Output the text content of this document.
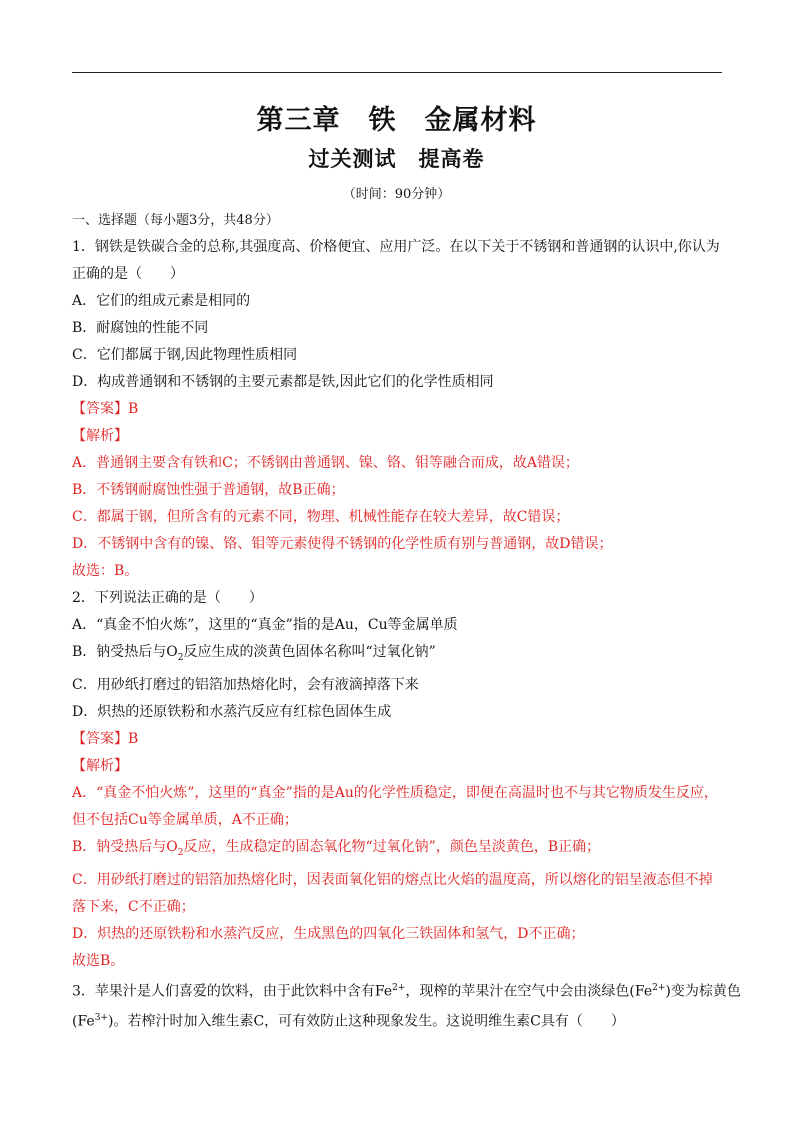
第三章　铁　金属材料
过关测试　提高卷
（时间：90分钟）
一、选择题（每小题3分，共48分）
1．钢铁是铁碳合金的总称,其强度高、价格便宜、应用广泛。在以下关于不锈钢和普通钢的认识中,你认为
正确的是（　　）
A．它们的组成元素是相同的
B．耐腐蚀的性能不同
C．它们都属于钢,因此物理性质相同
D．构成普通钢和不锈钢的主要元素都是铁,因此它们的化学性质相同
【答案】B
【解析】
A．普通钢主要含有铁和C；不锈钢由普通钢、镍、铬、钼等融合而成，故A错误；
B．不锈钢耐腐蚀性强于普通钢，故B正确；
C．都属于钢，但所含有的元素不同，物理、机械性能存在较大差异，故C错误；
D．不锈钢中含有的镍、铬、钼等元素使得不锈钢的化学性质有别与普通钢，故D错误；
故选：B。
2．下列说法正确的是（　　）
A．“真金不怕火炼”，这里的“真金”指的是Au，Cu等金属单质
B．钠受热后与$O_2$反应生成的淡黄色固体名称叫“过氧化钠”
C．用砂纸打磨过的铝箔加热熔化时，会有液滴掉落下来
D．炽热的还原铁粉和水蒸汽反应有红棕色固体生成
【答案】B
【解析】
A．“真金不怕火炼”，这里的“真金”指的是Au的化学性质稳定，即便在高温时也不与其它物质发生反应，
但不包括Cu等金属单质，A不正确；
B．钠受热后与$O_2$反应，生成稳定的固态氧化物“过氧化钠”，颜色呈淡黄色，B正确；
C．用砂纸打磨过的铝箔加热熔化时，因表面氧化铝的熔点比火焰的温度高，所以熔化的铝呈液态但不掉
落下来，C不正确；
D．炽热的还原铁粉和水蒸汽反应，生成黑色的四氧化三铁固体和氢气，D不正确；
故选B。
3．苹果汁是人们喜爱的饮料，由于此饮料中含有$Fe^{2+}$，现榨的苹果汁在空气中会由淡绿色$(Fe^{2+})$变为棕黄色
$(Fe^{3+})$。若榨汁时加入维生素C，可有效防止这种现象发生。这说明维生素C具有（　　）
